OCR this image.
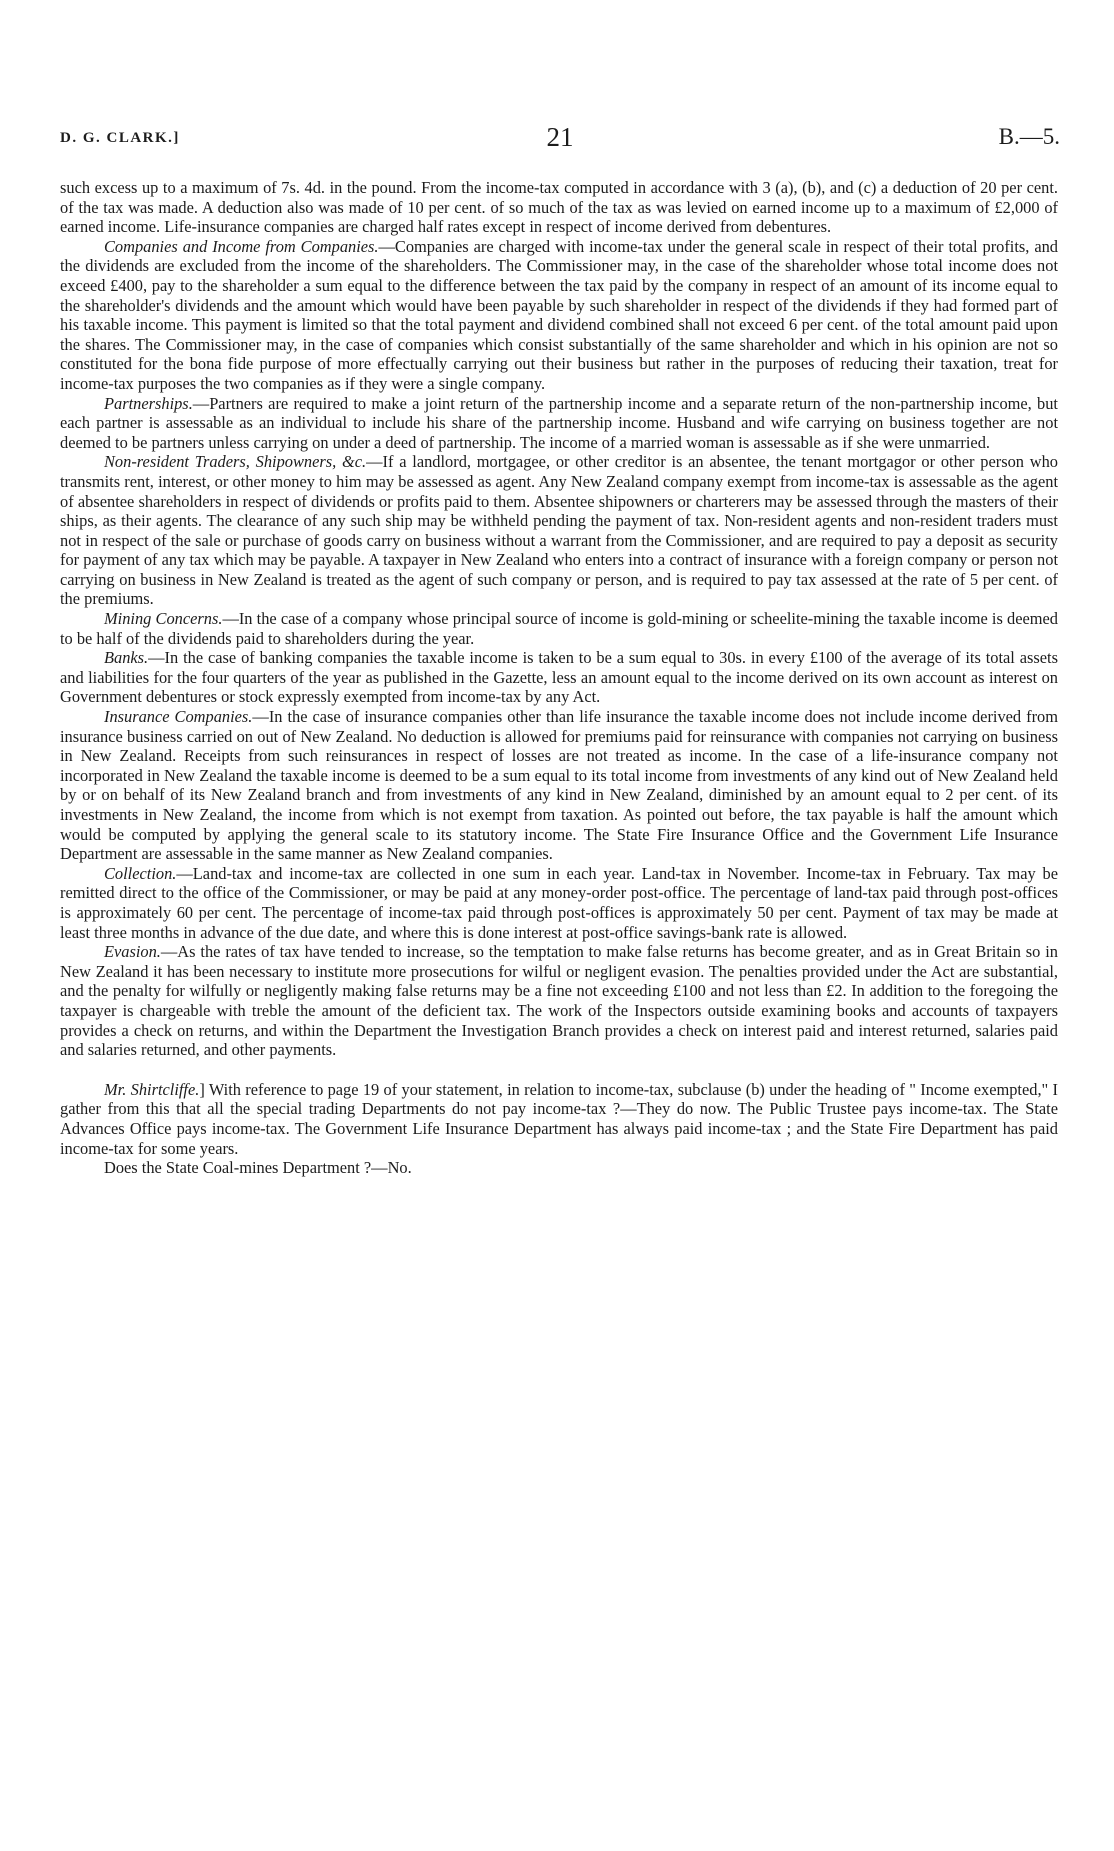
D. G. CLARK.]	21	B.—5.

such excess up to a maximum of 7s. 4d. in the pound. From the income-tax computed in accordance with 3 (a), (b), and (c) a deduction of 20 per cent. of the tax was made. A deduction also was made of 10 per cent. of so much of the tax as was levied on earned income up to a maximum of £2,000 of earned income. Life-insurance companies are charged half rates except in respect of income derived from debentures.

Companies and Income from Companies.—Companies are charged with income-tax under the general scale in respect of their total profits, and the dividends are excluded from the income of the shareholders. The Commissioner may, in the case of the shareholder whose total income does not exceed £400, pay to the shareholder a sum equal to the difference between the tax paid by the company in respect of an amount of its income equal to the shareholder's dividends and the amount which would have been payable by such shareholder in respect of the dividends if they had formed part of his taxable income. This payment is limited so that the total payment and dividend combined shall not exceed 6 per cent. of the total amount paid upon the shares. The Commissioner may, in the case of companies which consist substantially of the same shareholder and which in his opinion are not so constituted for the bona fide purpose of more effectually carrying out their business but rather in the purposes of reducing their taxation, treat for income-tax purposes the two companies as if they were a single company.

Partnerships.—Partners are required to make a joint return of the partnership income and a separate return of the non-partnership income, but each partner is assessable as an individual to include his share of the partnership income. Husband and wife carrying on business together are not deemed to be partners unless carrying on under a deed of partnership. The income of a married woman is assessable as if she were unmarried.

Non-resident Traders, Shipowners, &c.—If a landlord, mortgagee, or other creditor is an absentee, the tenant mortgagor or other person who transmits rent, interest, or other money to him may be assessed as agent. Any New Zealand company exempt from income-tax is assessable as the agent of absentee shareholders in respect of dividends or profits paid to them. Absentee shipowners or charterers may be assessed through the masters of their ships, as their agents. The clearance of any such ship may be withheld pending the payment of tax. Non-resident agents and non-resident traders must not in respect of the sale or purchase of goods carry on business without a warrant from the Commissioner, and are required to pay a deposit as security for payment of any tax which may be payable. A taxpayer in New Zealand who enters into a contract of insurance with a foreign company or person not carrying on business in New Zealand is treated as the agent of such company or person, and is required to pay tax assessed at the rate of 5 per cent. of the premiums.

Mining Concerns.—In the case of a company whose principal source of income is gold-mining or scheelite-mining the taxable income is deemed to be half of the dividends paid to shareholders during the year.

Banks.—In the case of banking companies the taxable income is taken to be a sum equal to 30s. in every £100 of the average of its total assets and liabilities for the four quarters of the year as published in the Gazette, less an amount equal to the income derived on its own account as interest on Government debentures or stock expressly exempted from income-tax by any Act.

Insurance Companies.—In the case of insurance companies other than life insurance the taxable income does not include income derived from insurance business carried on out of New Zealand. No deduction is allowed for premiums paid for reinsurance with companies not carrying on business in New Zealand. Receipts from such reinsurances in respect of losses are not treated as income. In the case of a life-insurance company not incorporated in New Zealand the taxable income is deemed to be a sum equal to its total income from investments of any kind out of New Zealand held by or on behalf of its New Zealand branch and from investments of any kind in New Zealand, diminished by an amount equal to 2 per cent. of its investments in New Zealand, the income from which is not exempt from taxation. As pointed out before, the tax payable is half the amount which would be computed by applying the general scale to its statutory income. The State Fire Insurance Office and the Government Life Insurance Department are assessable in the same manner as New Zealand companies.

Collection.—Land-tax and income-tax are collected in one sum in each year. Land-tax in November. Income-tax in February. Tax may be remitted direct to the office of the Commissioner, or may be paid at any money-order post-office. The percentage of land-tax paid through post-offices is approximately 60 per cent. The percentage of income-tax paid through post-offices is approximately 50 per cent. Payment of tax may be made at least three months in advance of the due date, and where this is done interest at post-office savings-bank rate is allowed.

Evasion.—As the rates of tax have tended to increase, so the temptation to make false returns has become greater, and as in Great Britain so in New Zealand it has been necessary to institute more prosecutions for wilful or negligent evasion. The penalties provided under the Act are substantial, and the penalty for wilfully or negligently making false returns may be a fine not exceeding £100 and not less than £2. In addition to the foregoing the taxpayer is chargeable with treble the amount of the deficient tax. The work of the Inspectors outside examining books and accounts of taxpayers provides a check on returns, and within the Department the Investigation Branch provides a check on interest paid and interest returned, salaries paid and salaries returned, and other payments.

Mr. Shirtcliffe.] With reference to page 19 of your statement, in relation to income-tax, subclause (b) under the heading of " Income exempted," I gather from this that all the special trading Departments do not pay income-tax ?—They do now. The Public Trustee pays income-tax. The State Advances Office pays income-tax. The Government Life Insurance Department has always paid income-tax ; and the State Fire Department has paid income-tax for some years.

Does the State Coal-mines Department ?—No.
